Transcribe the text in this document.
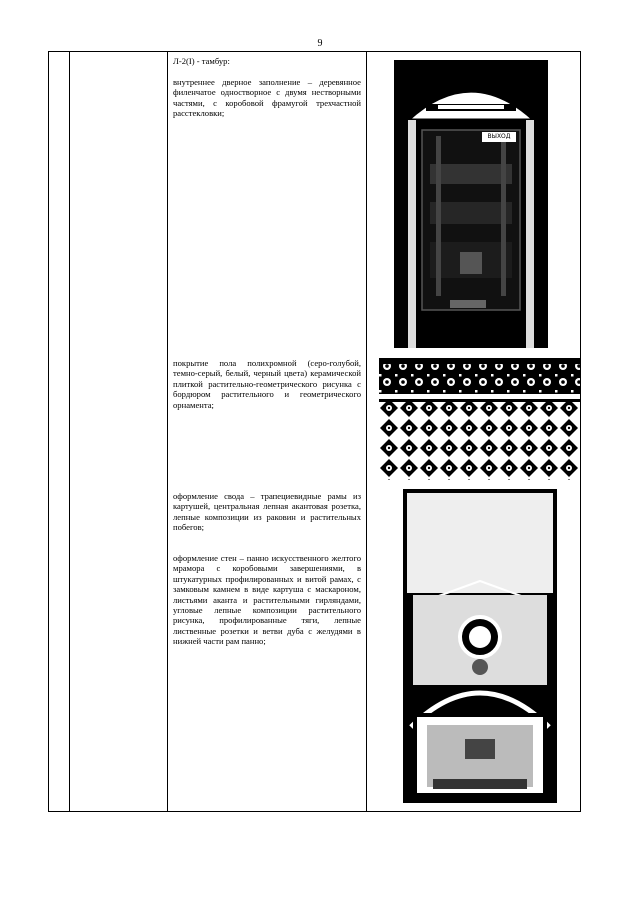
9
Л-2(I) - тамбур:
внутреннее дверное заполнение – деревянное филенчатое одностворное с двумя нестворными частями, с коробовой фрамугой трехчастной расстекловки;
покрытие пола полихромной (серо-голубой, темно-серый, белый, черный цвета) керамической плиткой растительно-геометрического рисунка с бордюром растительного и геометрического орнамента;
оформление свода – трапециевидные рамы из картушей, центральная лепная акантовая розетка, лепные композиции из раковин и растительных побегов;
оформление стен – панно искусственного желтого мрамора с коробовыми завершениями, в штукатурных профилированных и витой рамах, с замковым камнем в виде картуша с маскароном, листьями аканта и растительными гирляндами, угловые лепные композиции растительного рисунка, профилированные тяги, лепные лиственные розетки и ветви дуба с желудями в нижней части рам панно;
ВЫХОД
